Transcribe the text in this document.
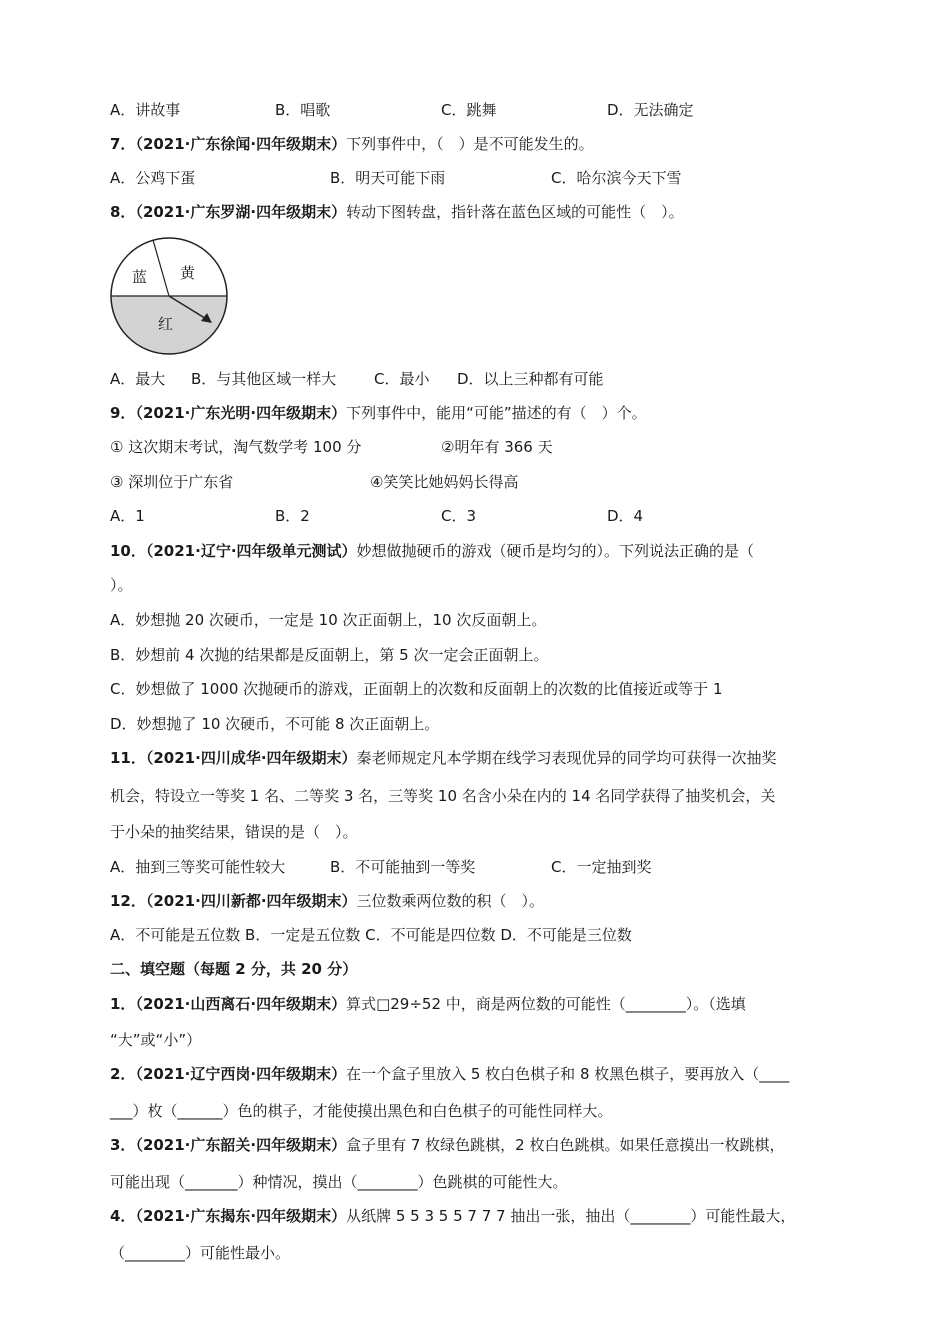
A．讲故事	B．唱歌	C．跳舞	D．无法确定
7．（2021·广东徐闻·四年级期末）下列事件中，（　）是不可能发生的。
A．公鸡下蛋	B．明天可能下雨	C．哈尔滨今天下雪
8．（2021·广东罗湖·四年级期末）转动下图转盘，指针落在蓝色区域的可能性（　）。
蓝 黄
红
A．最大 B．与其他区域一样大	C．最小 D．以上三种都有可能
9．（2021·广东光明·四年级期末）下列事件中，能用“可能”描述的有（　）个。
① 这次期末考试，淘气数学考 100 分	②明年有 366 天
③ 深圳位于广东省	④笑笑比她妈妈长得高
A．1	B．2	C．3	D．4
10．（2021·辽宁·四年级单元测试）妙想做抛硬币的游戏（硬币是均匀的）。下列说法正确的是（
）。
A．妙想抛 20 次硬币，一定是 10 次正面朝上，10 次反面朝上。
B．妙想前 4 次抛的结果都是反面朝上，第 5 次一定会正面朝上。
C．妙想做了 1000 次抛硬币的游戏，正面朝上的次数和反面朝上的次数的比值接近或等于 1
D．妙想抛了 10 次硬币，不可能 8 次正面朝上。
11．（2021·四川成华·四年级期末）秦老师规定凡本学期在线学习表现优异的同学均可获得一次抽奖
机会，特设立一等奖 1 名、二等奖 3 名，三等奖 10 名含小朵在内的 14 名同学获得了抽奖机会，关
于小朵的抽奖结果，错误的是（　）。
A．抽到三等奖可能性较大	B．不可能抽到一等奖	C．一定抽到奖
12．（2021·四川新都·四年级期末）三位数乘两位数的积（　）。
A．不可能是五位数 B．一定是五位数 C．不可能是四位数 D．不可能是三位数
二、填空题（每题 2 分，共 20 分）
1．（2021·山西离石·四年级期末）算式□29÷52 中，商是两位数的可能性（________）。（选填
“大”或“小”）
2．（2021·辽宁西岗·四年级期末）在一个盒子里放入 5 枚白色棋子和 8 枚黑色棋子，要再放入（____
___）枚（______）色的棋子，才能使摸出黑色和白色棋子的可能性同样大。
3．（2021·广东韶关·四年级期末）盒子里有 7 枚绿色跳棋，2 枚白色跳棋。如果任意摸出一枚跳棋，
可能出现（_______）种情况，摸出（________）色跳棋的可能性大。
4．（2021·广东揭东·四年级期末）从纸牌 5 5 3 5 5 7 7 7 抽出一张，抽出（________）可能性最大，
（________）可能性最小。
